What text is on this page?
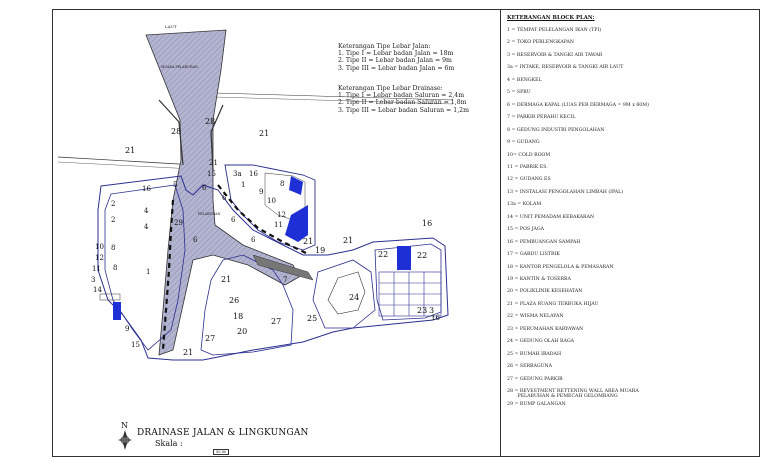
LAUT
MUARA PELABUHAN
PELABUHAN
21
21
28
28
21
15 3a 16
8
1
9
10
12
11
6
6
6
6
6
5
16
29
2
2
4
4
10
12
11
3
14
8
8	1
9
15
21
26
18
20
27
27
21
25
7
19
21	21
24
22	22
23 3
16
16
Keterangan Tipe Lebar Jalan:
1. Tipe I = Lebar badan Jalan = 18m
2. Tipe II = Lebar badan Jalan = 9m
3. Tipe III = Lebar badan Jalan = 6m
Keterangan Tipe Lebar Drainase:
1. Tipe I = Lebar badan Saluran = 2,4m
2. Tipe II = Lebar badan Saluran = 1,8m
3. Tipe III = Lebar badan Saluran = 1,2m
N
DRAINASE JALAN & LINGKUNGAN
Skala :
50.00
KETERANGAN BLOCK PLAN:
1 = TEMPAT PELELANGAN IKAN (TPI)
2 = TOKO PERLENGKAPAN
3 = RESERVOIR & TANGKI AIR TAWAR
3a = INTAKE, RESERVOIR & TANGKI AIR LAUT
4 = BENGKEL
5 = SPBU
6 = DERMAGA KAPAL (LUAS PER DERMAGA = 9M x 60M)
7 = PARKIR PERAHU KECIL
8 = GEDUNG INDUSTRI PENGOLAHAN
9 = GUDANG
10= COLD ROOM
11 = PABRIK ES.
12 = GUDANG ES
13 = INSTALASI PENGOLAHAN LIMBAH (IPAL)
13a = KOLAM
14 = UNIT PEMADAM KEBAKARAN
15 = POS JAGA
16 = PEMBUANGAN SAMPAH
17 = GARDU LISTRIK
18 = KANTOR PENGELOLA & PEMASARAN
19 = KANTIN & TOSERBA
20 = POLIKLINIK KESEHATAN
21 = PLAZA RUANG TERBUKA HIJAU
22 = WISMA NELAYAN
23 = PERUMAHAN KARYAWAN
24 = GEDUNG OLAH RAGA
25 = RUMAH IBADAH
26 = SERBAGUNA
27 = GEDUNG PARKIR
28 = REVESTMENT RETTENING WALL AREA MUARA
PELABUHAN & PEMECAH GELOMBANG
29 = RUMP GALANGAN
